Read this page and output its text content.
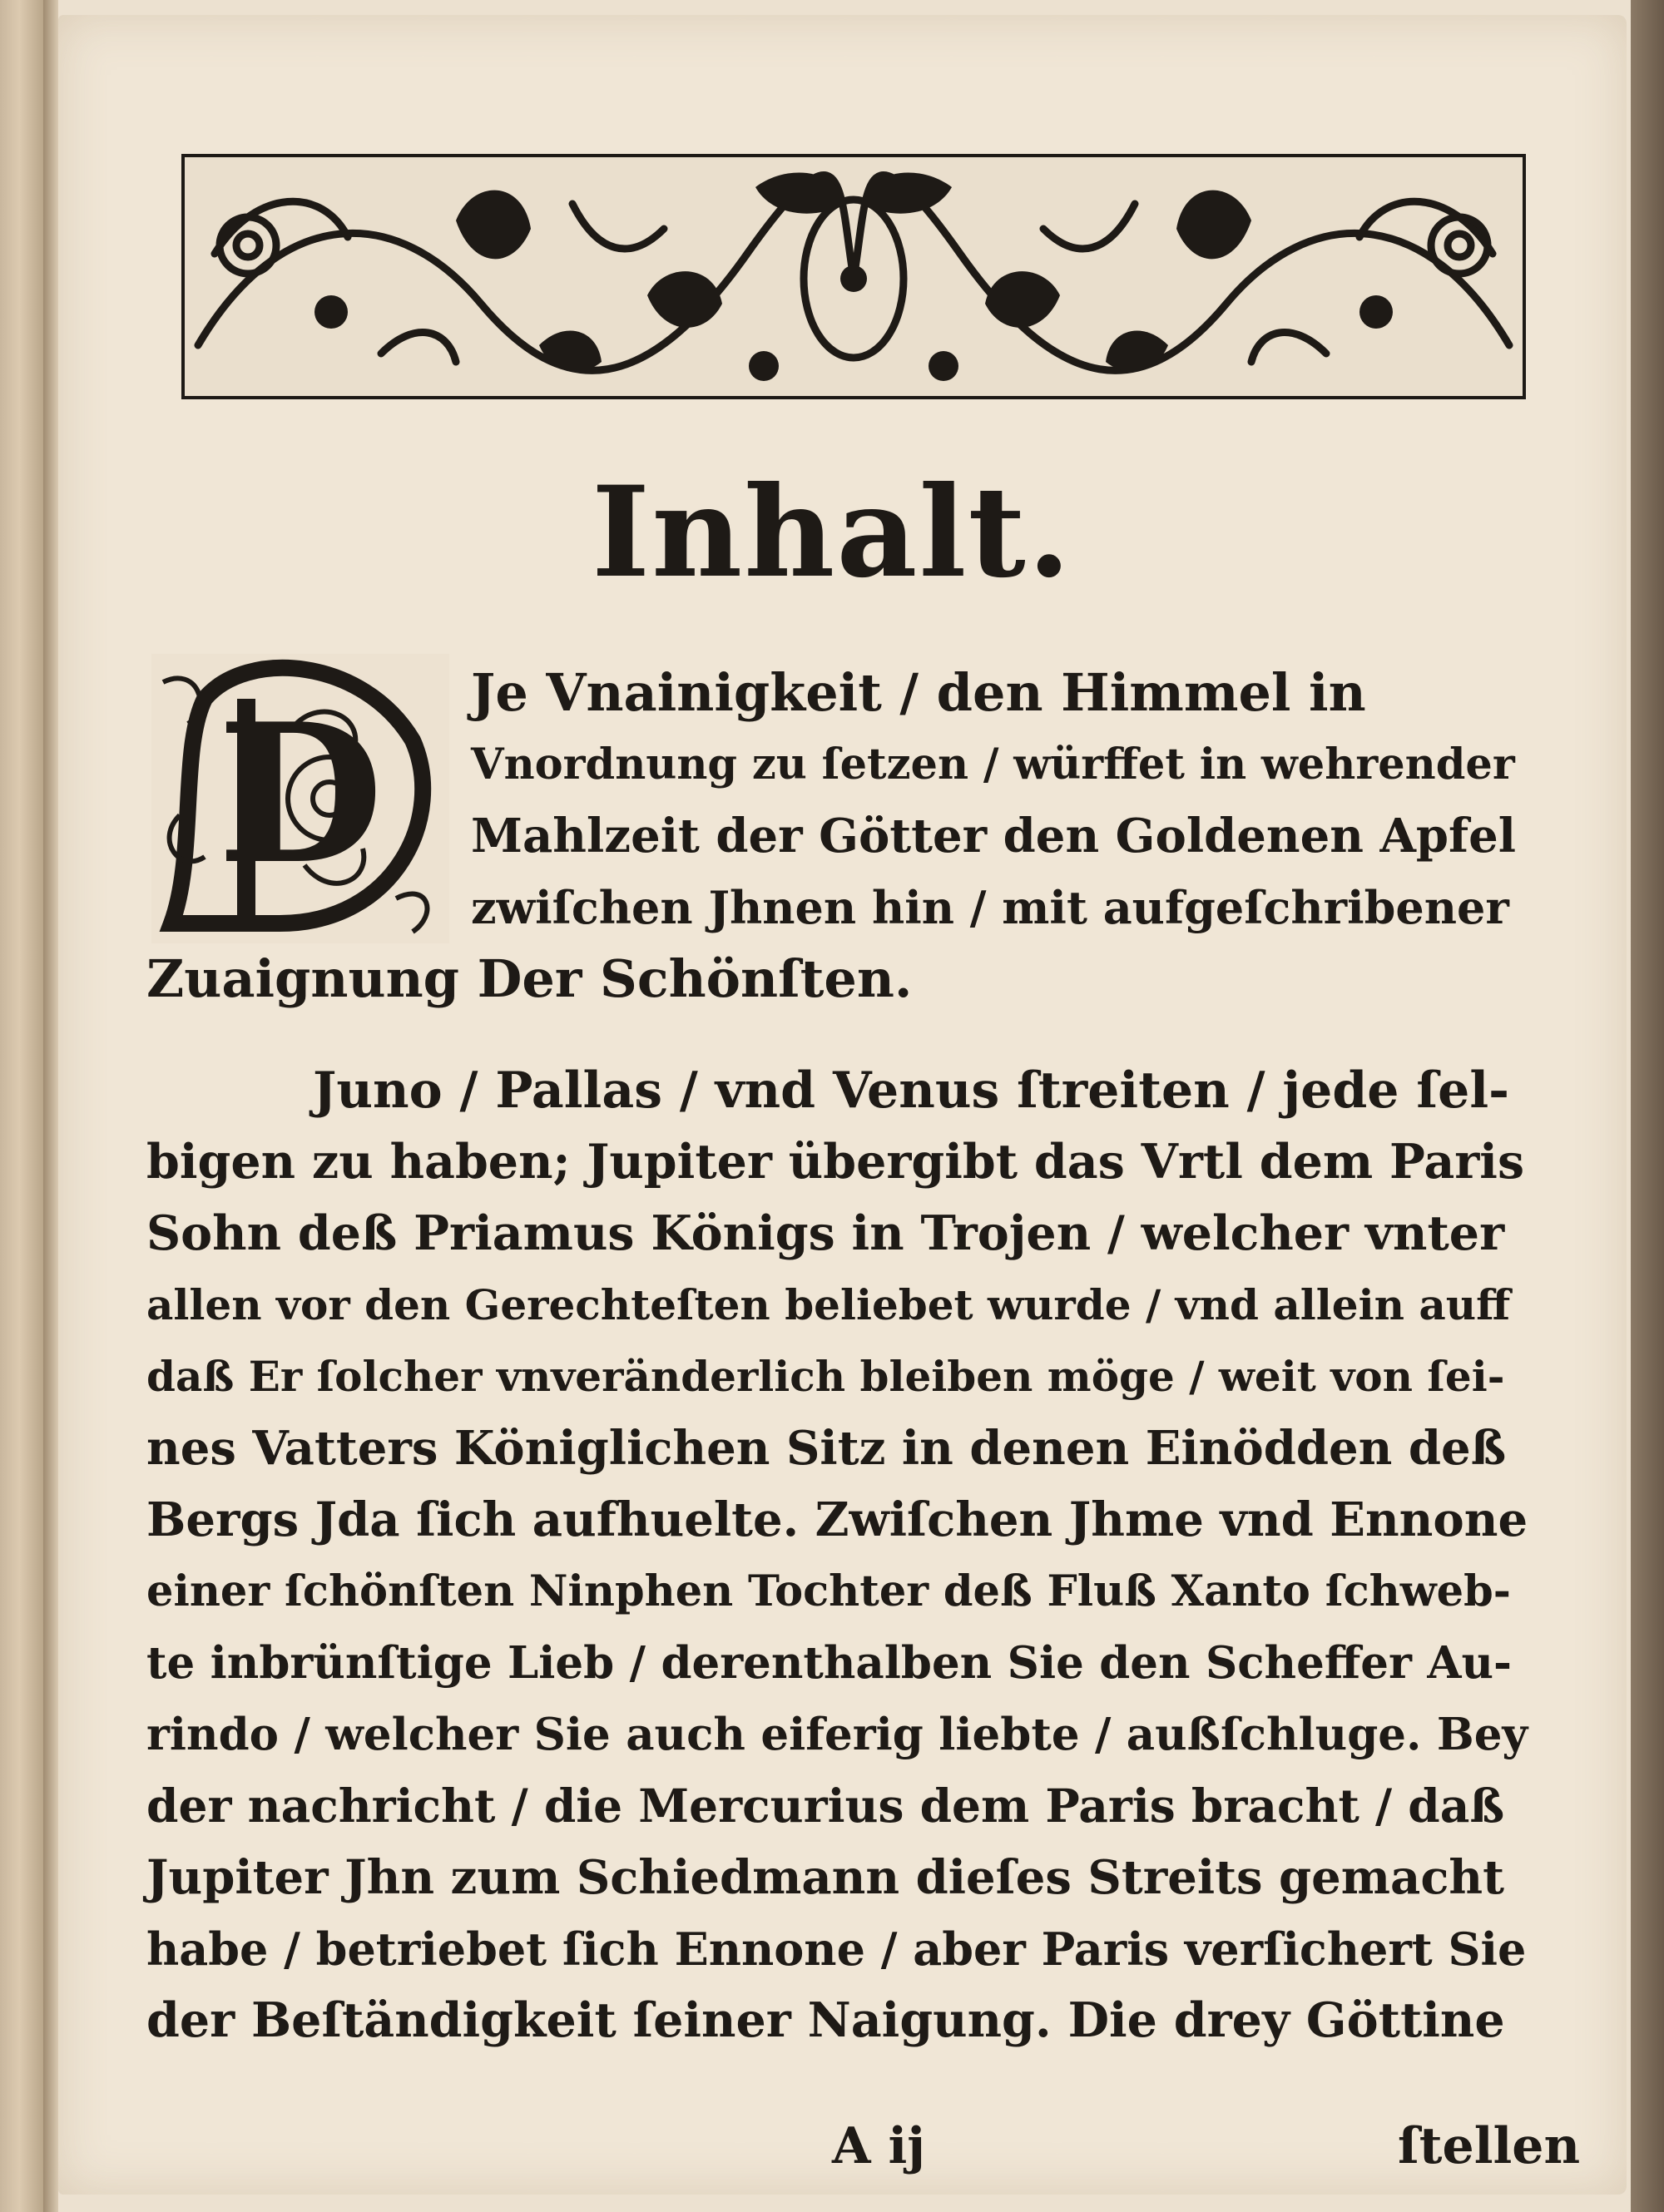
Inhalt.
D Je Vnainigkeit / den Himmel in
Vnordnung zu ſetzen / würffet in wehrender
Mahlzeit der Götter den Goldenen Apfel
zwiſchen Jhnen hin / mit aufgeſchribener
Zuaignung Der Schönſten.
Juno / Pallas / vnd Venus ſtreiten / jede ſel-
bigen zu haben; Jupiter übergibt das Vrtl dem Paris
Sohn deß Priamus Königs in Trojen / welcher vnter
allen vor den Gerechteſten beliebet wurde / vnd allein auff
daß Er ſolcher vnveränderlich bleiben möge / weit von ſei-
nes Vatters Königlichen Sitz in denen Einödden deß
Bergs Jda ſich aufhuelte. Zwiſchen Jhme vnd Ennone
einer ſchönſten Ninphen Tochter deß Fluß Xanto ſchweb-
te inbrünſtige Lieb / derenthalben Sie den Scheffer Au-
rindo / welcher Sie auch eiferig liebte / außſchluge. Bey
der nachricht / die Mercurius dem Paris bracht / daß
Jupiter Jhn zum Schiedmann dieſes Streits gemacht
habe / betriebet ſich Ennone / aber Paris verſichert Sie
der Beſtändigkeit ſeiner Naigung. Die drey Göttine
A ij	ſtellen
